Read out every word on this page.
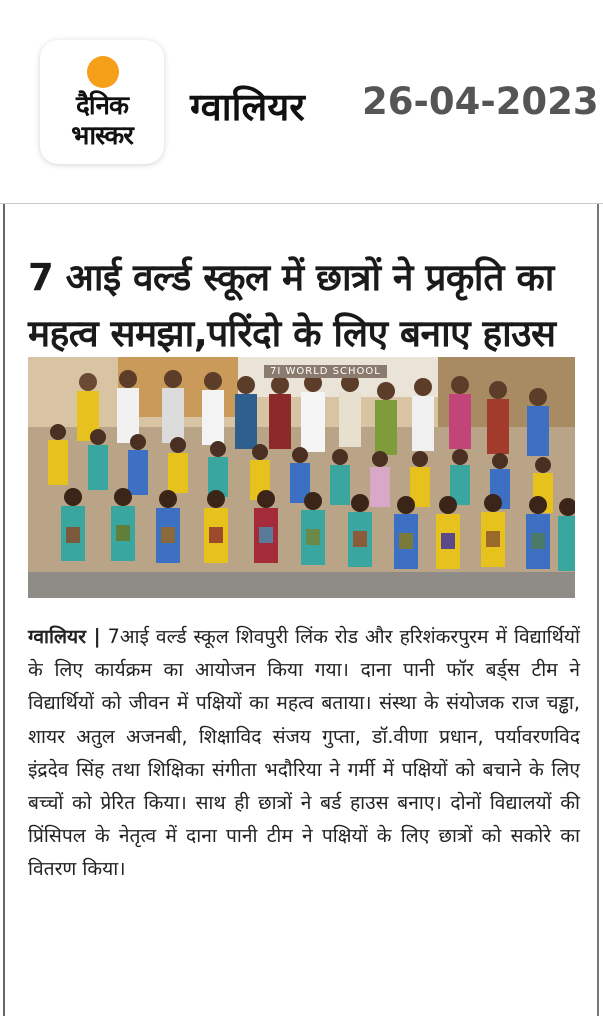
दैनिक
भास्कर
ग्वालियर 26-04-2023
7 आई वर्ल्ड स्कूल में छात्रों ने प्रकृति का
महत्व समझा,परिंदो के लिए बनाए हाउस
7I WORLD SCHOOL
ग्वालियर | 7आई वर्ल्ड स्कूल शिवपुरी लिंक रोड और हरिशंकरपुरम में विद्यार्थियों के लिए कार्यक्रम का आयोजन किया गया। दाना पानी फॉर बर्ड्स टीम ने विद्यार्थियों को जीवन में पक्षियों का महत्व बताया। संस्था के संयोजक राज चड्ढा, शायर अतुल अजनबी, शिक्षाविद संजय गुप्ता, डॉ.वीणा प्रधान, पर्यावरणविद इंद्रदेव सिंह तथा शिक्षिका संगीता भदौरिया ने गर्मी में पक्षियों को बचाने के लिए बच्चों को प्रेरित किया। साथ ही छात्रों ने बर्ड हाउस बनाए। दोनों विद्यालयों की प्रिंसिपल के नेतृत्व में दाना पानी टीम ने पक्षियों के लिए छात्रों को सकोरे का वितरण किया।
